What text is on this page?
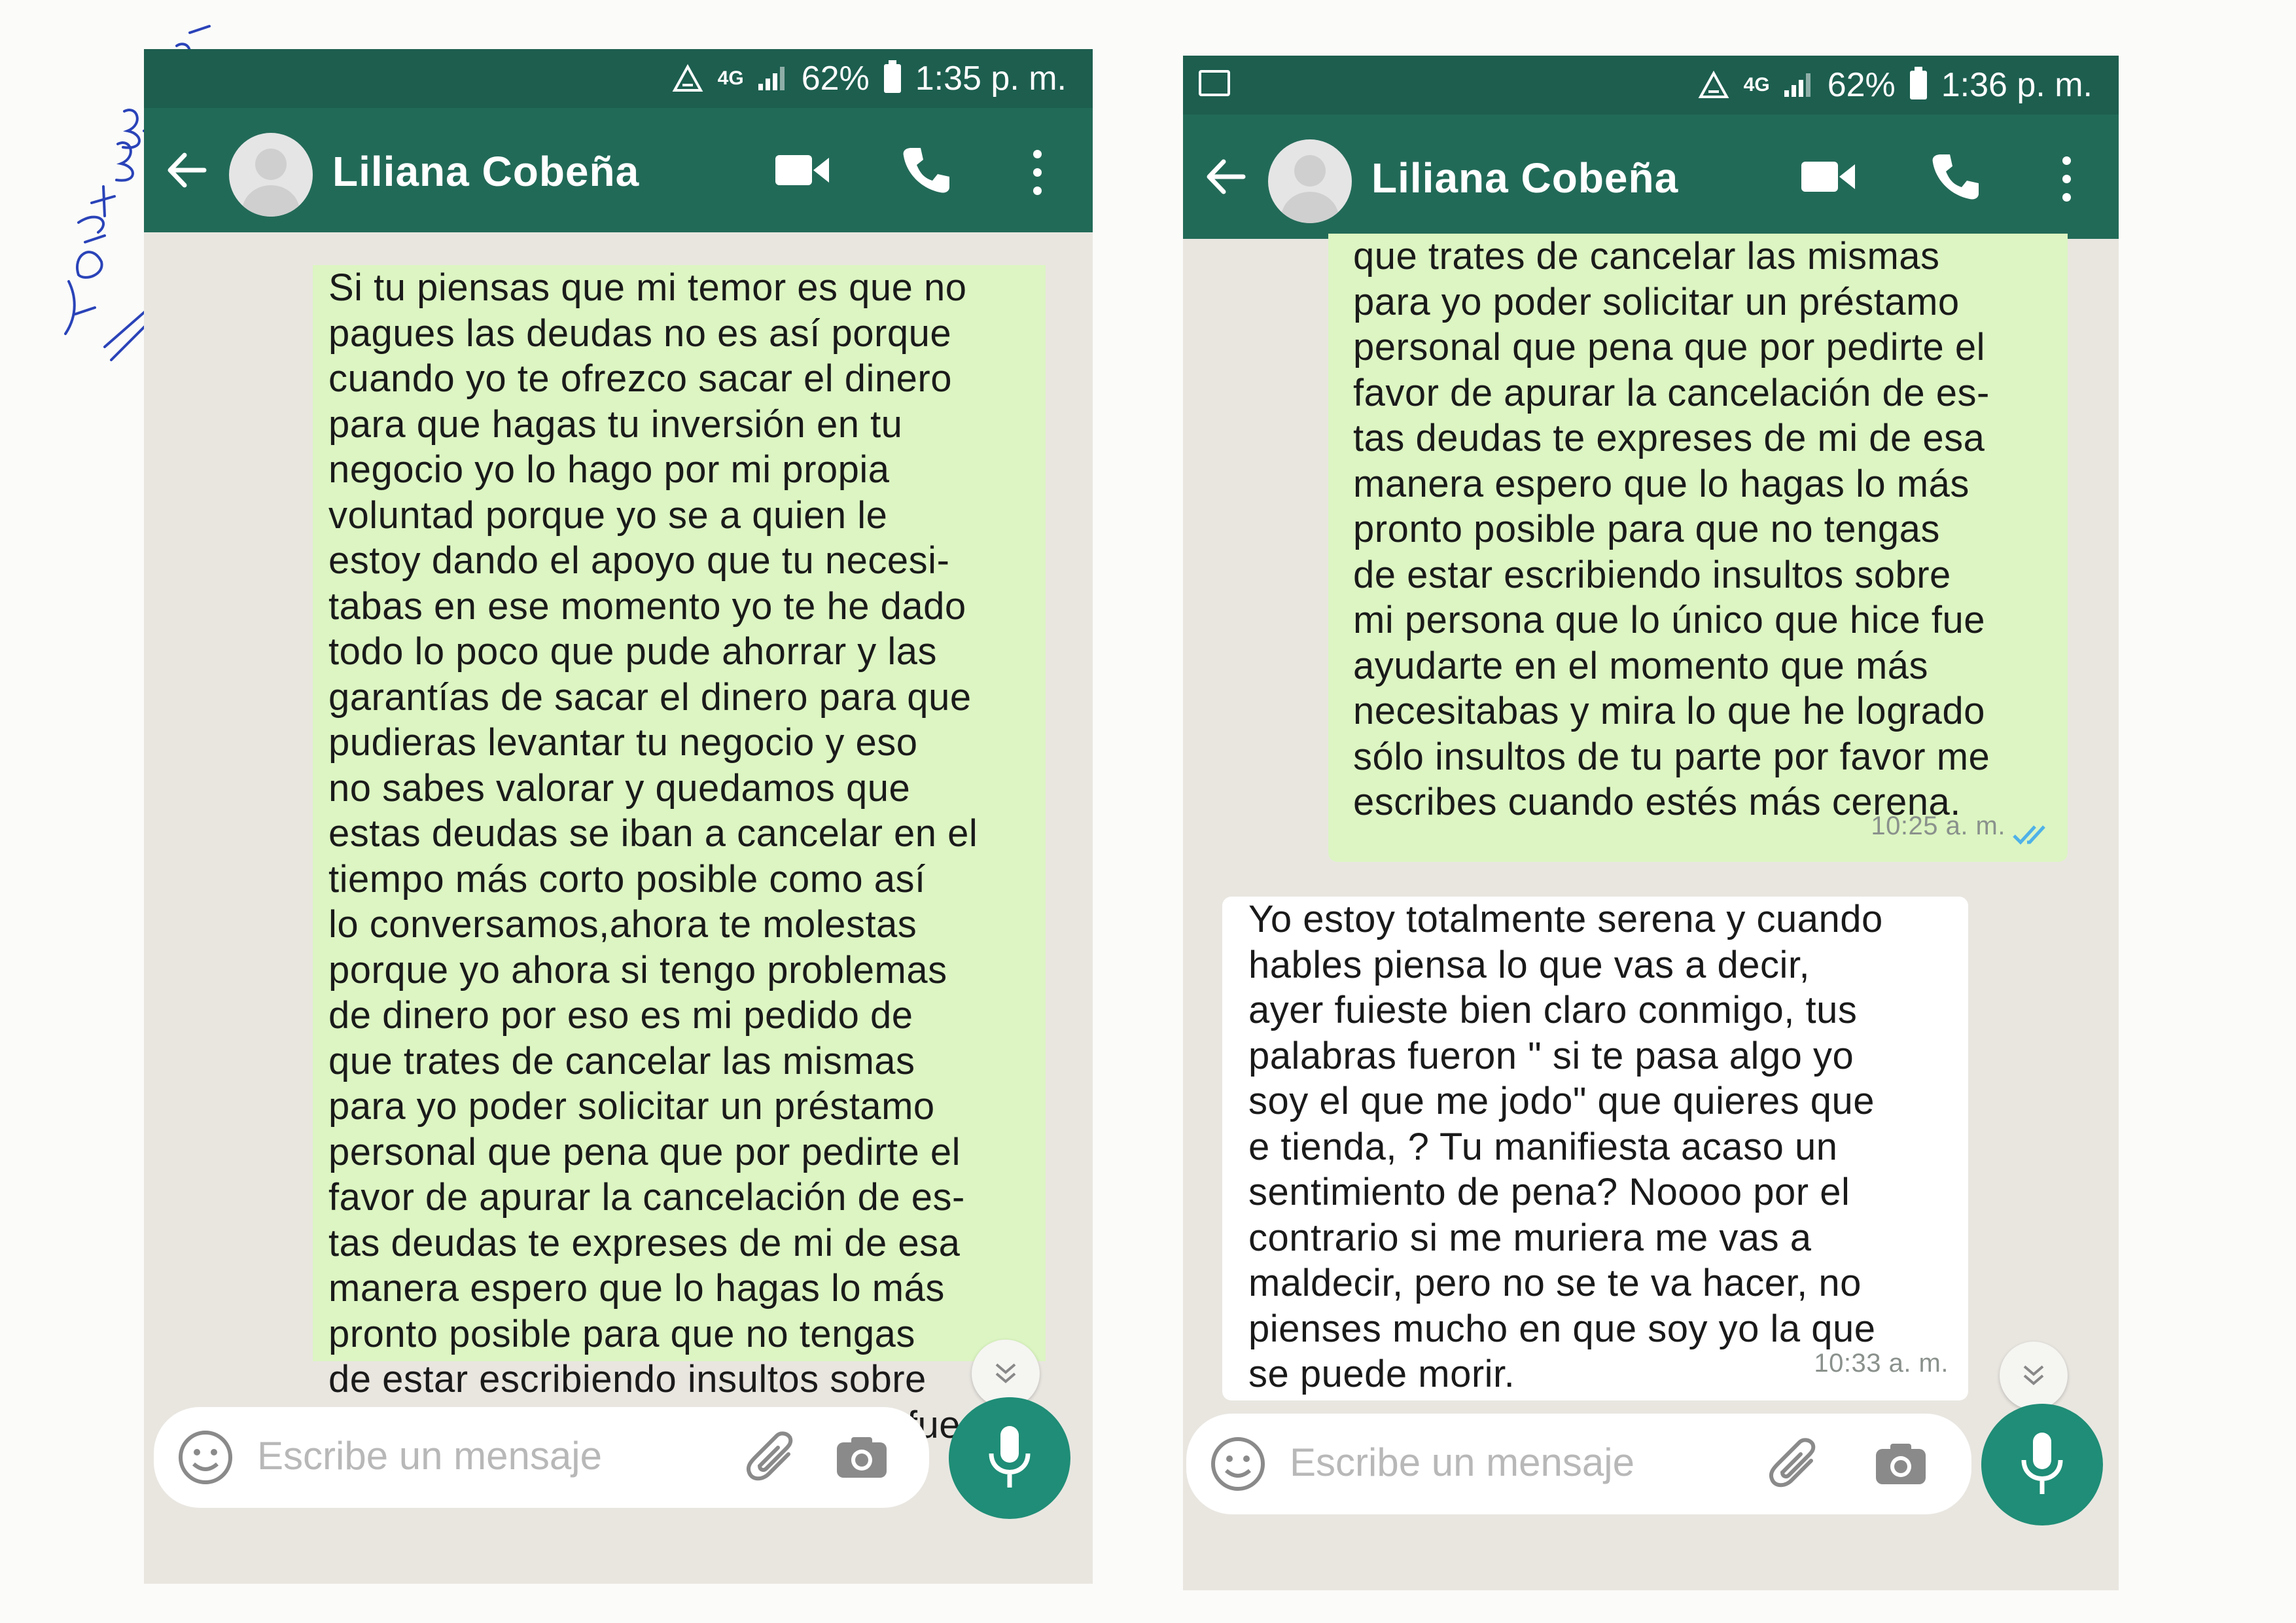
4G 62% 1:35 p. m.
Liliana Cobeña
Si tu piensas que mi temor es que no
pagues las deudas no es así porque
cuando yo te ofrezco sacar el dinero
para que hagas tu inversión en tu
negocio yo lo hago por mi propia
voluntad porque yo se a quien le
estoy dando el apoyo que tu necesi-
tabas en ese momento yo te he dado
todo lo poco que pude ahorrar y las
garantías de sacar el dinero para que
pudieras levantar tu negocio y eso
no sabes valorar y quedamos que
estas deudas se iban a cancelar en el
tiempo más corto posible como así
lo conversamos,ahora te molestas
porque yo ahora si tengo problemas
de dinero por eso es mi pedido de
que trates de cancelar las mismas
para yo poder solicitar un préstamo
personal que pena que por pedirte el
favor de apurar la cancelación de es-
tas deudas te expreses de mi de esa
manera espero que lo hagas lo más
pronto posible para que no tengas
de estar escribiendo insultos sobre
fue
Escribe un mensaje
4G 62% 1:36 p. m.
Liliana Cobeña
que trates de cancelar las mismas
para yo poder solicitar un préstamo
personal que pena que por pedirte el
favor de apurar la cancelación de es-
tas deudas te expreses de mi de esa
manera espero que lo hagas lo más
pronto posible para que no tengas
de estar escribiendo insultos sobre
mi persona que lo único que hice fue
ayudarte en el momento que más
necesitabas y mira lo que he logrado
sólo insultos de tu parte por favor me
escribes cuando estés más cerena.
10:25 a. m.
Yo estoy totalmente serena y cuando
hables piensa lo que vas a decir,
ayer fuieste bien claro conmigo, tus
palabras fueron " si te pasa algo yo
soy el que me jodo" que quieres que
e tienda, ? Tu manifiesta acaso un
sentimiento de pena? Noooo por el
contrario si me muriera me vas a
maldecir, pero no se te va hacer, no
pienses mucho en que soy yo la que
se puede morir.	10:33 a. m.
Escribe un mensaje
